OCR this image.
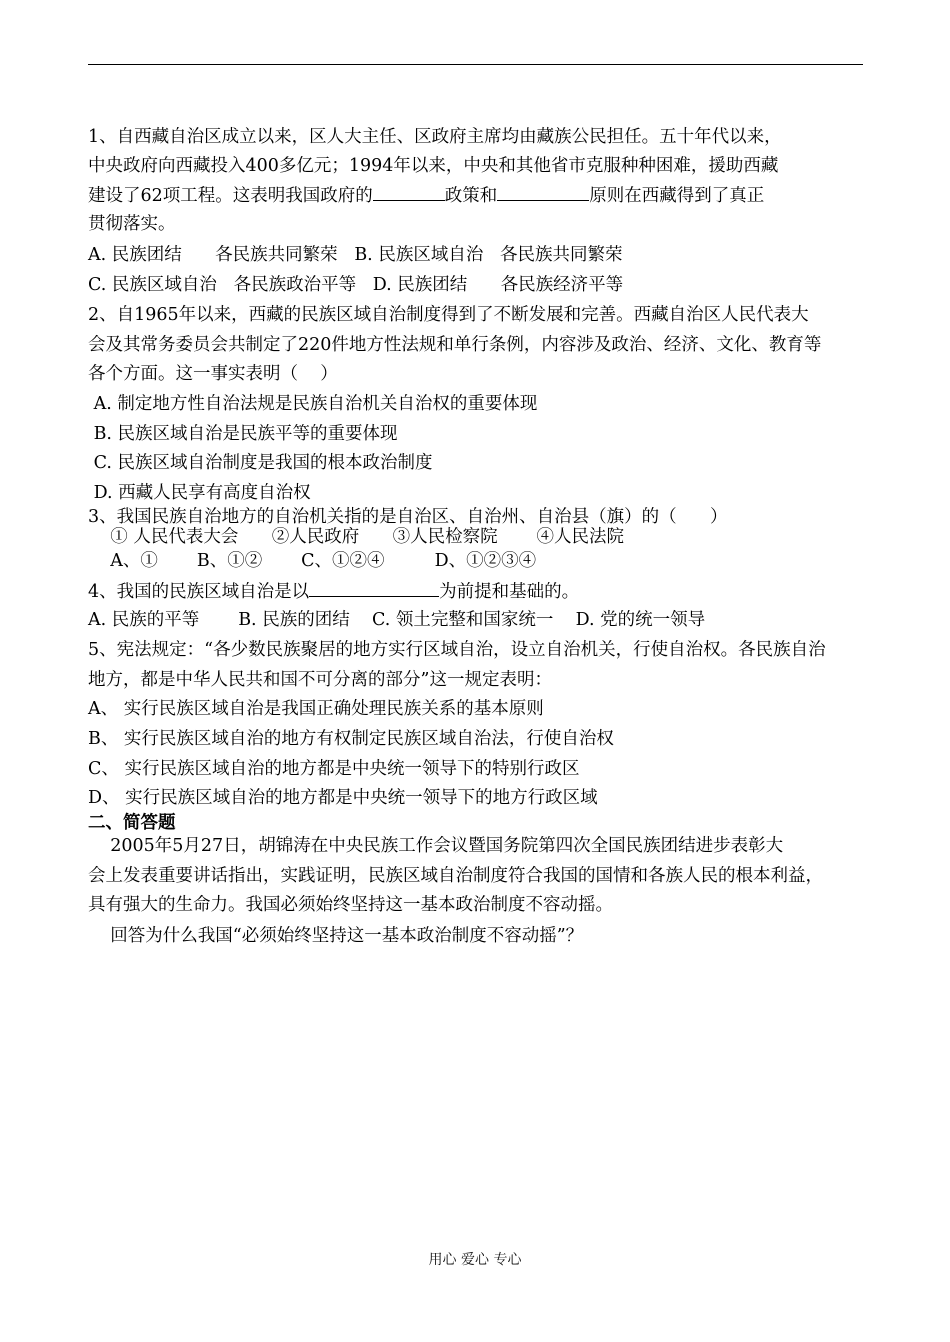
1、自西藏自治区成立以来，区人大主任、区政府主席均由藏族公民担任。五十年代以来，
中央政府向西藏投入400多亿元；1994年以来，中央和其他省市克服种种困难，援助西藏
建设了62项工程。这表明我国政府的	政策和	原则在西藏得到了真正
贯彻落实。
A. 民族团结      各民族共同繁荣   B. 民族区域自治   各民族共同繁荣
C. 民族区域自治   各民族政治平等   D. 民族团结      各民族经济平等
2、自1965年以来，西藏的民族区域自治制度得到了不断发展和完善。西藏自治区人民代表大
会及其常务委员会共制定了220件地方性法规和单行条例，内容涉及政治、经济、文化、教育等
各个方面。这一事实表明（    ）
A. 制定地方性自治法规是民族自治机关自治权的重要体现
B. 民族区域自治是民族平等的重要体现
C. 民族区域自治制度是我国的根本政治制度
D. 西藏人民享有高度自治权
3、我国民族自治地方的自治机关指的是自治区、自治州、自治县（旗）的（      ）
① 人民代表大会      ②人民政府      ③人民检察院       ④人民法院
A、①       B、①②       C、①②④         D、①②③④
4、我国的民族区域自治是以	为前提和基础的。
A. 民族的平等       B. 民族的团结    C. 领土完整和国家统一    D. 党的统一领导
5、宪法规定：“各少数民族聚居的地方实行区域自治，设立自治机关，行使自治权。各民族自治
地方，都是中华人民共和国不可分离的部分”这一规定表明：
A、 实行民族区域自治是我国正确处理民族关系的基本原则
B、 实行民族区域自治的地方有权制定民族区域自治法，行使自治权
C、 实行民族区域自治的地方都是中央统一领导下的特别行政区
D、 实行民族区域自治的地方都是中央统一领导下的地方行政区域
二、简答题
2005年5月27日，胡锦涛在中央民族工作会议暨国务院第四次全国民族团结进步表彰大
会上发表重要讲话指出，实践证明，民族区域自治制度符合我国的国情和各族人民的根本利益，
具有强大的生命力。我国必须始终坚持这一基本政治制度不容动摇。
回答为什么我国“必须始终坚持这一基本政治制度不容动摇”？
用心 爱心 专心
